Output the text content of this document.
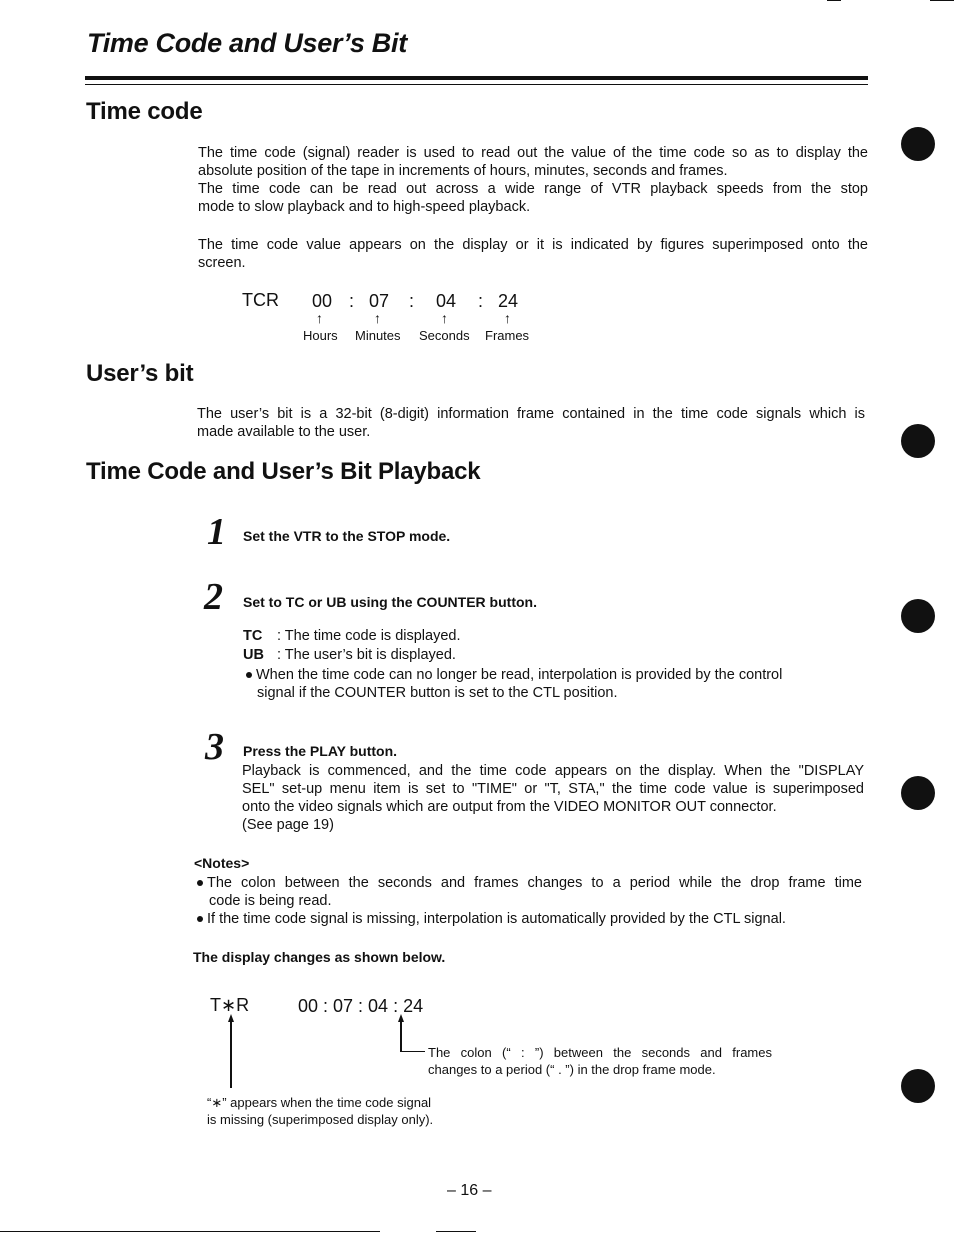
Time Code and User’s Bit
Time code
The time code (signal) reader is used to read out the value of the time code so as to display the
absolute position of the tape in increments of hours, minutes, seconds and frames.
The time code can be read out across a wide range of VTR playback speeds from the stop
mode to slow playback and to high-speed playback.
The time code value appears on the display or it is indicated by figures superimposed onto the
screen.
TCR 00 : 07 : 04 : 24
↑	↑	↑	↑
Hours Minutes Seconds Frames
User’s bit
The user’s bit is a 32-bit (8-digit) information frame contained in the time code signals which is
made available to the user.
Time Code and User’s Bit Playback
1 Set the VTR to the STOP mode.
2 Set to TC or UB using the COUNTER button.
TC : The time code is displayed.
UB : The user’s bit is displayed.
When the time code can no longer be read, interpolation is provided by the control
signal if the COUNTER button is set to the CTL position.
3 Press the PLAY button.
Playback is commenced, and the time code appears on the display. When the "DISPLAY
SEL" set-up menu item is set to "TIME" or "T, STA," the time code value is superimposed
onto the video signals which are output from the VIDEO MONITOR OUT connector.
(See page 19)
<Notes>
The colon between the seconds and frames changes to a period while the drop frame time
code is being read.
If the time code signal is missing, interpolation is automatically provided by the CTL signal.
The display changes as shown below.
T∗R	00 : 07 : 04 : 24
The colon (“ : ”) between the seconds and frames
changes to a period (“ . ”) in the drop frame mode.
“∗” appears when the time code signal
is missing (superimposed display only).
– 16 –
